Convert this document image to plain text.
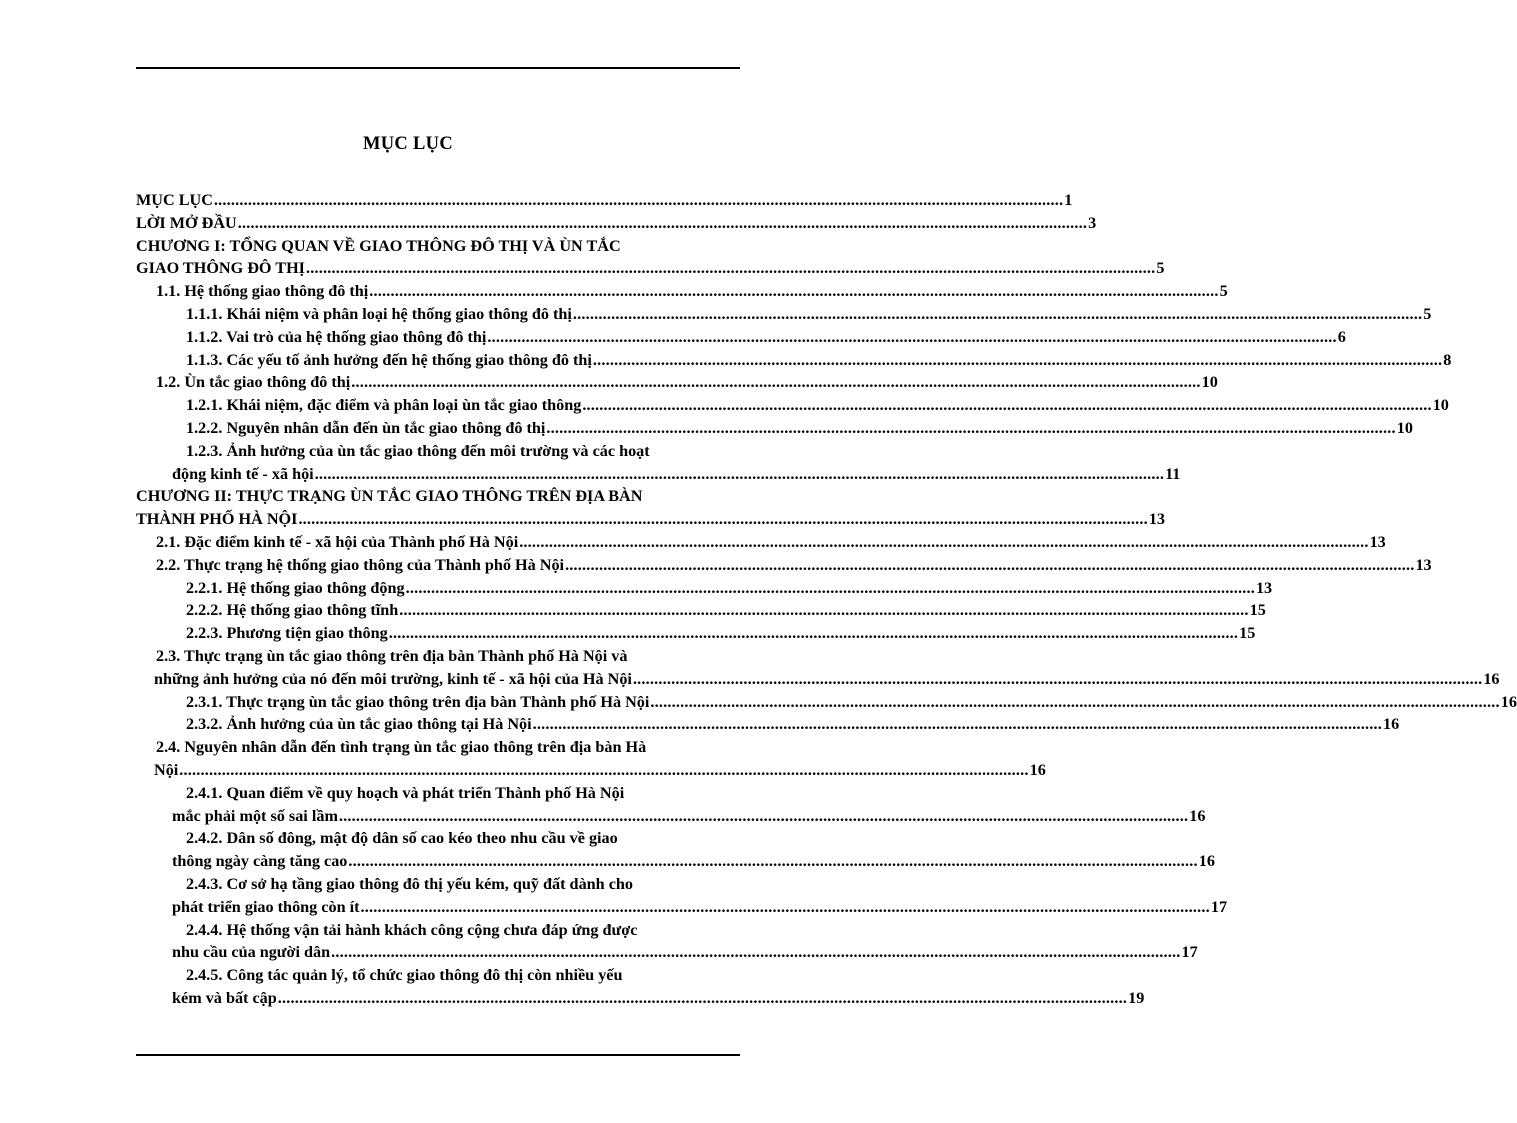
MỤC LỤC
MỤC LỤC ........................................................................................................................................................................................................ 1
LỜI MỞ ĐẦU ........................................................................................................................................................................................................ 3
CHƯƠNG I: TỔNG QUAN VỀ GIAO THÔNG ĐÔ THỊ VÀ ÙN TẮC
GIAO THÔNG ĐÔ THỊ ........................................................................................................................................................................................................ 5
1.1. Hệ thống giao thông đô thị ........................................................................................................................................................................................................ 5
1.1.1. Khái niệm và phân loại hệ thống giao thông đô thị ........................................................................................................................................................................................................ 5
1.1.2. Vai trò của hệ thống giao thông đô thị ........................................................................................................................................................................................................ 6
1.1.3. Các yếu tố ảnh hưởng đến hệ thống giao thông đô thị ........................................................................................................................................................................................................ 8
1.2. Ùn tắc giao thông đô thị ........................................................................................................................................................................................................ 10
1.2.1. Khái niệm, đặc điểm và phân loại ùn tắc giao thông ........................................................................................................................................................................................................ 10
1.2.2. Nguyên nhân dẫn đến ùn tắc giao thông đô thị ........................................................................................................................................................................................................ 10
1.2.3. Ảnh hưởng của ùn tắc giao thông đến môi trường và các hoạt
động kinh tế - xã hội ........................................................................................................................................................................................................ 11
CHƯƠNG II: THỰC TRẠNG ÙN TẮC GIAO THÔNG TRÊN ĐỊA BÀN
THÀNH PHỐ HÀ NỘI ........................................................................................................................................................................................................ 13
2.1. Đặc điểm kinh tế - xã hội của Thành phố Hà Nội ........................................................................................................................................................................................................ 13
2.2. Thực trạng hệ thống giao thông của Thành phố Hà Nội ........................................................................................................................................................................................................ 13
2.2.1. Hệ thống giao thông động ........................................................................................................................................................................................................ 13
2.2.2. Hệ thống giao thông tĩnh ........................................................................................................................................................................................................ 15
2.2.3. Phương tiện giao thông ........................................................................................................................................................................................................ 15
2.3. Thực trạng ùn tắc giao thông trên địa bàn Thành phố Hà Nội và
những ảnh hưởng của nó đến môi trường, kinh tế - xã hội của Hà Nội ........................................................................................................................................................................................................ 16
2.3.1. Thực trạng ùn tắc giao thông trên địa bàn Thành phố Hà Nội ........................................................................................................................................................................................................ 16
2.3.2. Ảnh hưởng của ùn tắc giao thông tại Hà Nội ........................................................................................................................................................................................................ 16
2.4. Nguyên nhân dẫn đến tình trạng ùn tắc giao thông trên địa bàn Hà
Nội ........................................................................................................................................................................................................ 16
2.4.1. Quan điểm về quy hoạch và phát triển Thành phố Hà Nội
mắc phải một số sai lầm ........................................................................................................................................................................................................ 16
2.4.2. Dân số đông, mật độ dân số cao kéo theo nhu cầu về giao
thông ngày càng tăng cao ........................................................................................................................................................................................................ 16
2.4.3. Cơ sở hạ tầng giao thông đô thị yếu kém, quỹ đất dành cho
phát triển giao thông còn ít ........................................................................................................................................................................................................ 17
2.4.4. Hệ thống vận tải hành khách công cộng chưa đáp ứng được
nhu cầu của người dân ........................................................................................................................................................................................................ 17
2.4.5. Công tác quản lý, tổ chức giao thông đô thị còn nhiều yếu
kém và bất cập ........................................................................................................................................................................................................ 19
